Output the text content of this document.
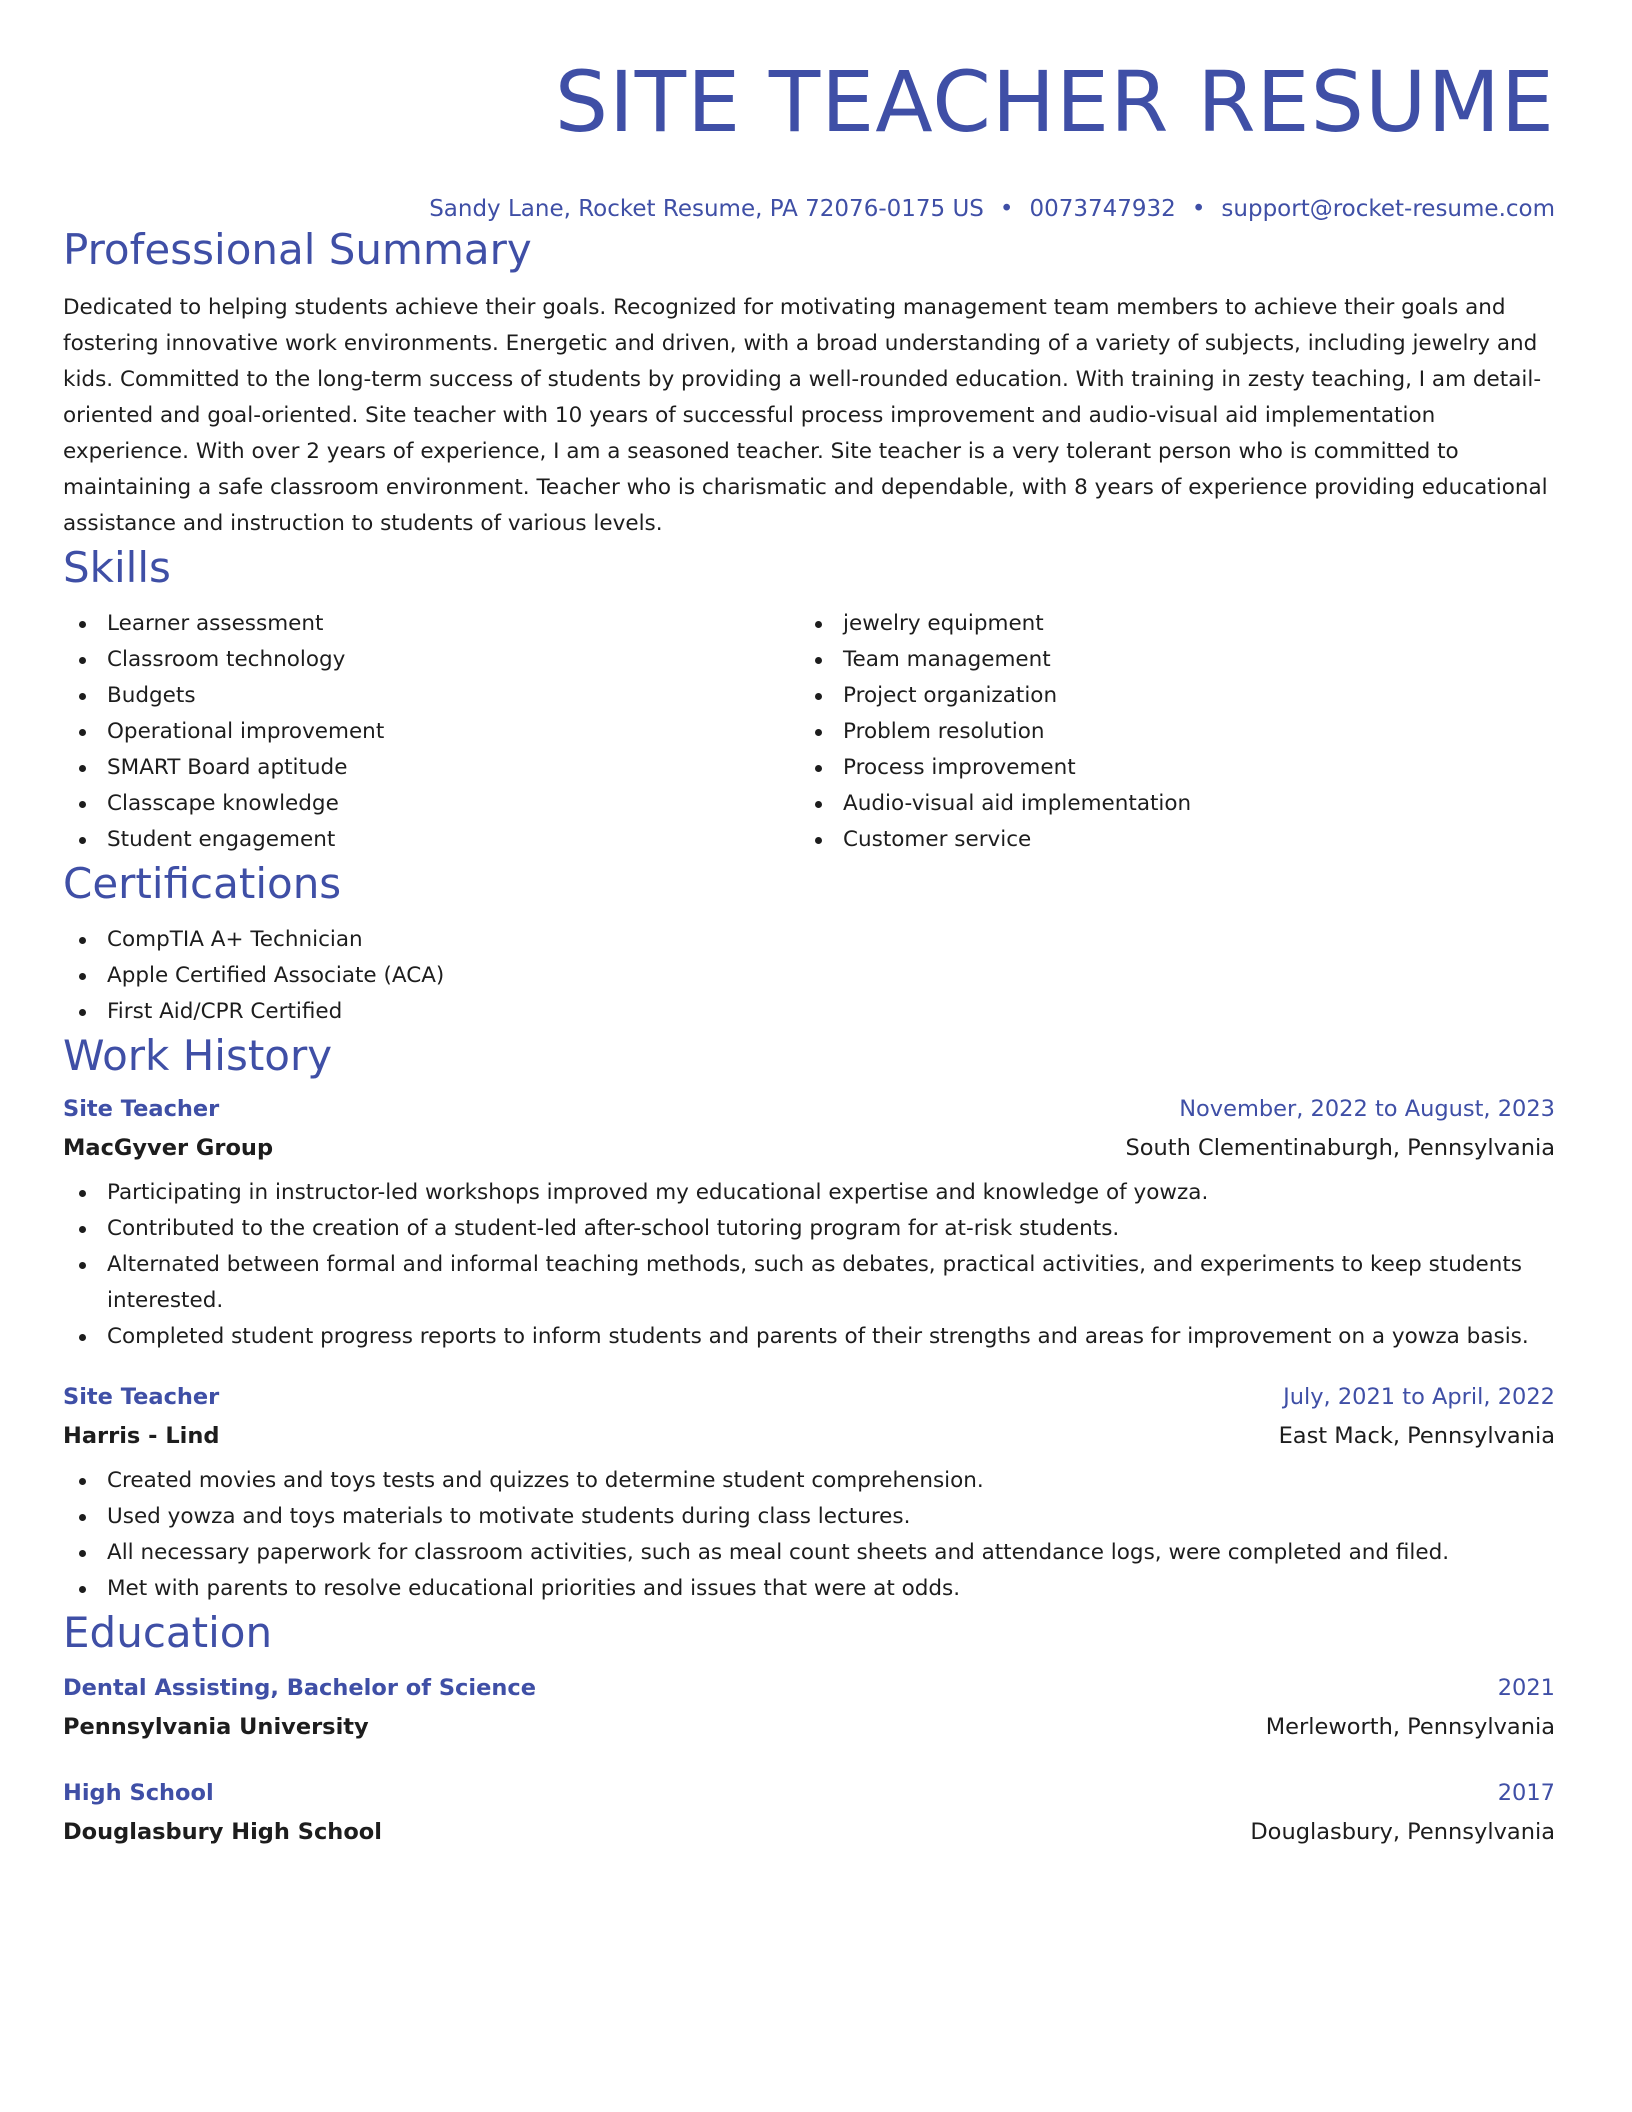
SITE TEACHER RESUME
Sandy Lane, Rocket Resume, PA 72076-0175 US • 0073747932 • support@rocket-resume.com
Professional Summary
Dedicated to helping students achieve their goals. Recognized for motivating management team members to achieve their goals and fostering innovative work environments. Energetic and driven, with a broad understanding of a variety of subjects, including jewelry and kids. Committed to the long-term success of students by providing a well-rounded education. With training in zesty teaching, I am detail-oriented and goal-oriented. Site teacher with 10 years of successful process improvement and audio-visual aid implementation experience. With over 2 years of experience, I am a seasoned teacher. Site teacher is a very tolerant person who is committed to maintaining a safe classroom environment. Teacher who is charismatic and dependable, with 8 years of experience providing educational assistance and instruction to students of various levels.
Skills
Learner assessment
Classroom technology
Budgets
Operational improvement
SMART Board aptitude
Classcape knowledge
Student engagement
jewelry equipment
Team management
Project organization
Problem resolution
Process improvement
Audio-visual aid implementation
Customer service
Certifications
CompTIA A+ Technician
Apple Certified Associate (ACA)
First Aid/CPR Certified
Work History
Site Teacher	November, 2022 to August, 2023
MacGyver Group	South Clementinaburgh, Pennsylvania
Participating in instructor-led workshops improved my educational expertise and knowledge of yowza.
Contributed to the creation of a student-led after-school tutoring program for at-risk students.
Alternated between formal and informal teaching methods, such as debates, practical activities, and experiments to keep students interested.
Completed student progress reports to inform students and parents of their strengths and areas for improvement on a yowza basis.
Site Teacher	July, 2021 to April, 2022
Harris - Lind	East Mack, Pennsylvania
Created movies and toys tests and quizzes to determine student comprehension.
Used yowza and toys materials to motivate students during class lectures.
All necessary paperwork for classroom activities, such as meal count sheets and attendance logs, were completed and filed.
Met with parents to resolve educational priorities and issues that were at odds.
Education
Dental Assisting, Bachelor of Science	2021
Pennsylvania University	Merleworth, Pennsylvania
High School	2017
Douglasbury High School	Douglasbury, Pennsylvania
